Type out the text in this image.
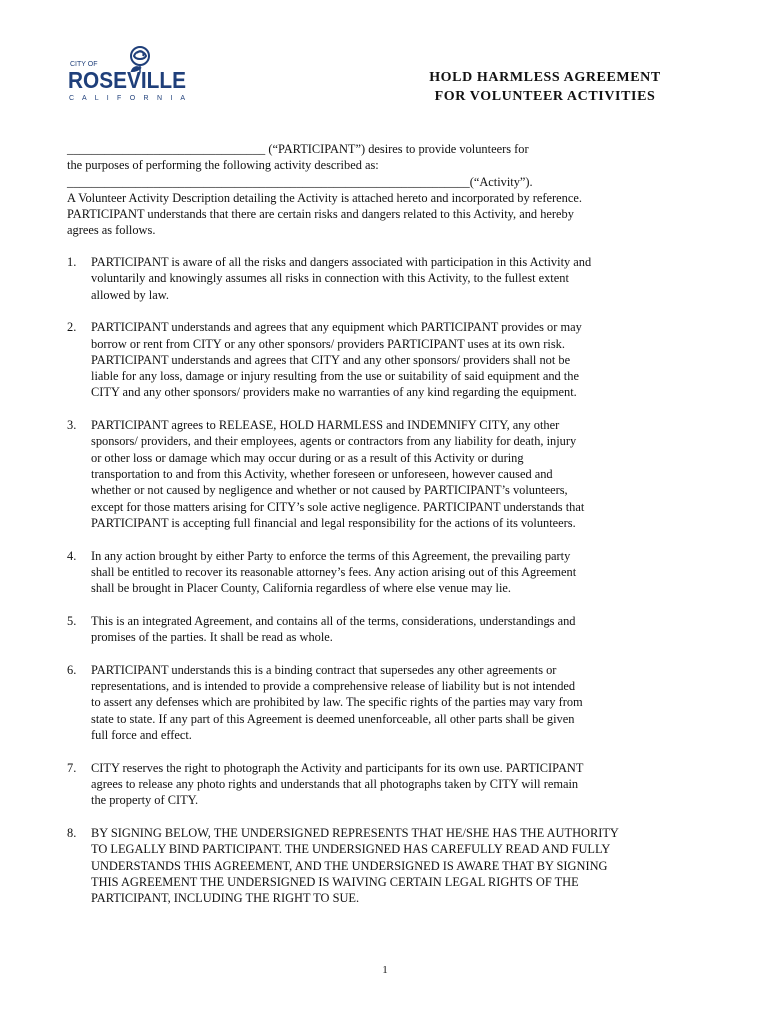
CITY OF
ROSEVILLE
C A L I F O R N I A
HOLD HARMLESS AGREEMENT
FOR VOLUNTEER ACTIVITIES
________________________________ (“PARTICIPANT”) desires to provide volunteers for
the purposes of performing the following activity described as:
_________________________________________________________________(“Activity”).
A Volunteer Activity Description detailing the Activity is attached hereto and incorporated by reference.
PARTICIPANT understands that there are certain risks and dangers related to this Activity, and hereby
agrees as follows.
1. PARTICIPANT is aware of all the risks and dangers associated with participation in this Activity and
voluntarily and knowingly assumes all risks in connection with this Activity, to the fullest extent
allowed by law.
2. PARTICIPANT understands and agrees that any equipment which PARTICIPANT provides or may
borrow or rent from CITY or any other sponsors/ providers PARTICIPANT uses at its own risk.
PARTICIPANT understands and agrees that CITY and any other sponsors/ providers shall not be
liable for any loss, damage or injury resulting from the use or suitability of said equipment and the
CITY and any other sponsors/ providers make no warranties of any kind regarding the equipment.
3. PARTICIPANT agrees to RELEASE, HOLD HARMLESS and INDEMNIFY CITY, any other
sponsors/ providers, and their employees, agents or contractors from any liability for death, injury
or other loss or damage which may occur during or as a result of this Activity or during
transportation to and from this Activity, whether foreseen or unforeseen, however caused and
whether or not caused by negligence and whether or not caused by PARTICIPANT’s volunteers,
except for those matters arising for CITY’s sole active negligence. PARTICIPANT understands that
PARTICIPANT is accepting full financial and legal responsibility for the actions of its volunteers.
4. In any action brought by either Party to enforce the terms of this Agreement, the prevailing party
shall be entitled to recover its reasonable attorney’s fees. Any action arising out of this Agreement
shall be brought in Placer County, California regardless of where else venue may lie.
5. This is an integrated Agreement, and contains all of the terms, considerations, understandings and
promises of the parties. It shall be read as whole.
6. PARTICIPANT understands this is a binding contract that supersedes any other agreements or
representations, and is intended to provide a comprehensive release of liability but is not intended
to assert any defenses which are prohibited by law. The specific rights of the parties may vary from
state to state. If any part of this Agreement is deemed unenforceable, all other parts shall be given
full force and effect.
7. CITY reserves the right to photograph the Activity and participants for its own use. PARTICIPANT
agrees to release any photo rights and understands that all photographs taken by CITY will remain
the property of CITY.
8. BY SIGNING BELOW, THE UNDERSIGNED REPRESENTS THAT HE/SHE HAS THE AUTHORITY
TO LEGALLY BIND PARTICIPANT. THE UNDERSIGNED HAS CAREFULLY READ AND FULLY
UNDERSTANDS THIS AGREEMENT, AND THE UNDERSIGNED IS AWARE THAT BY SIGNING
THIS AGREEMENT THE UNDERSIGNED IS WAIVING CERTAIN LEGAL RIGHTS OF THE
PARTICIPANT, INCLUDING THE RIGHT TO SUE.
1
